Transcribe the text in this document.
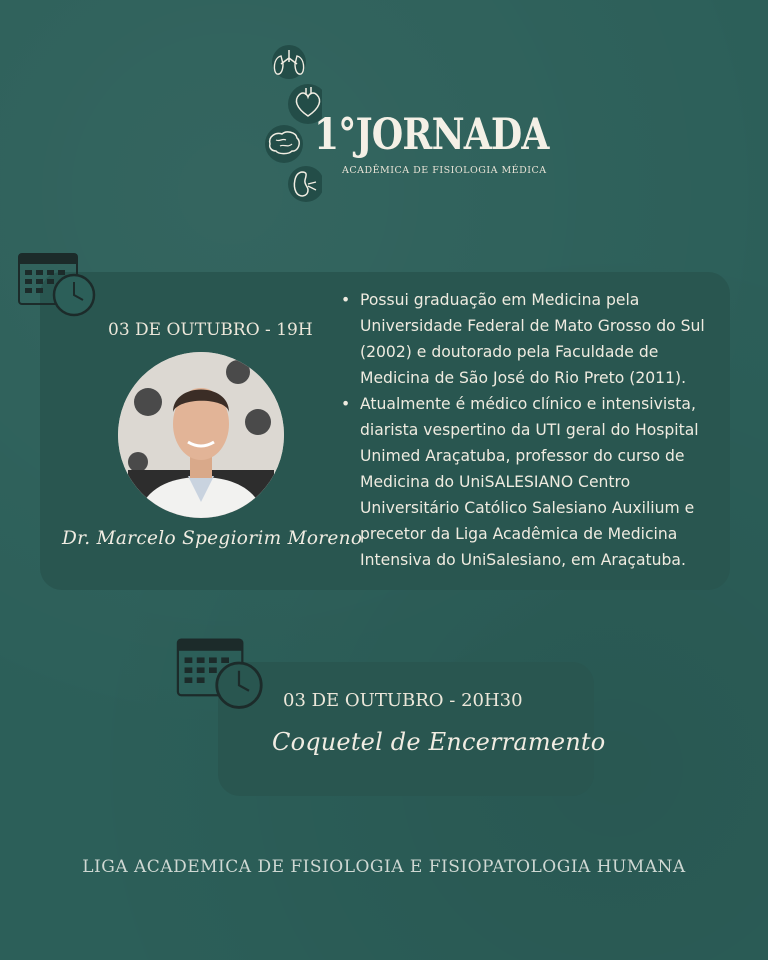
1°JORNADA
ACADÊMICA DE FISIOLOGIA MÉDICA
03 DE OUTUBRO - 19H
Dr. Marcelo Spegiorim Moreno
• Possui graduação em Medicina pela Universidade Federal de Mato Grosso do Sul (2002) e doutorado pela Faculdade de Medicina de São José do Rio Preto (2011).
• Atualmente é médico clínico e intensivista, diarista vespertino da UTI geral do Hospital Unimed Araçatuba, professor do curso de Medicina do UniSALESIANO Centro Universitário Católico Salesiano Auxilium e precetor da Liga Acadêmica de Medicina Intensiva do UniSalesiano, em Araçatuba.
03 DE OUTUBRO - 20H30
Coquetel de Encerramento
LIGA ACADEMICA DE FISIOLOGIA E FISIOPATOLOGIA HUMANA
